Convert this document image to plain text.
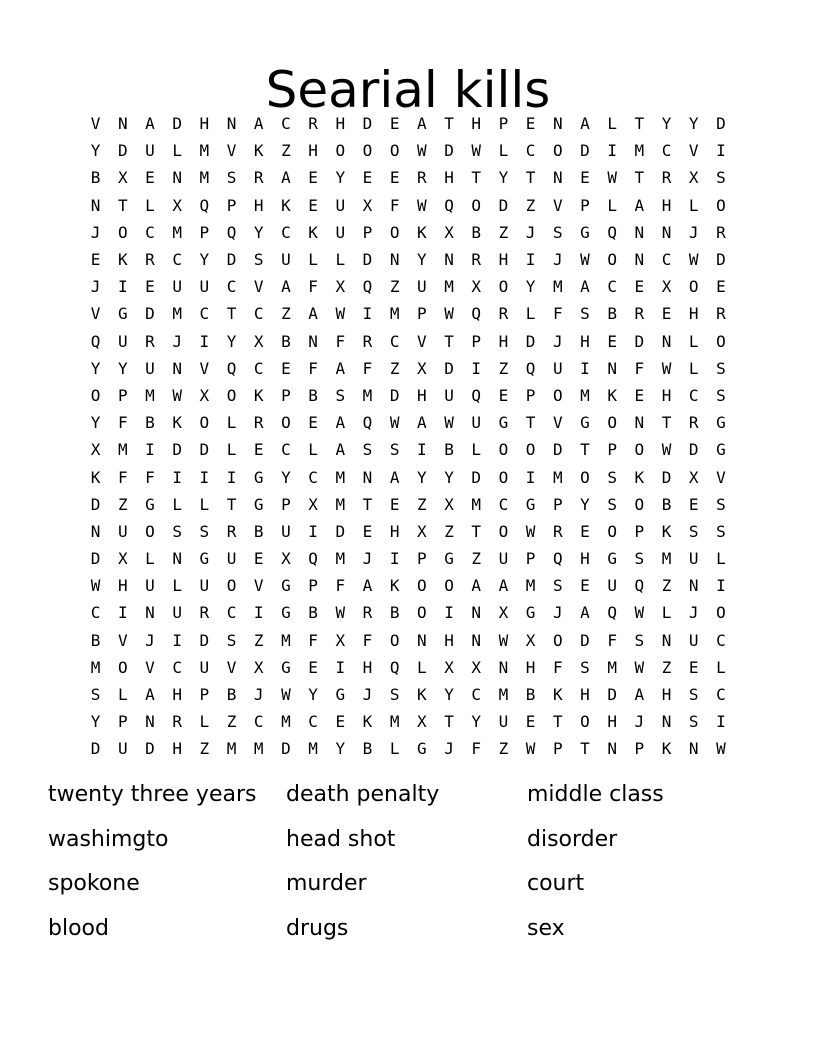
Searial kills
V	N	A	D	H	N	A	C	R	H	D	E	A	T	H	P	E	N	A	L	T	Y	Y	D
Y	D	U	L	M	V	K	Z	H	O	O	O	W	D	W	L	C	O	D	I	M	C	V	I
B	X	E	N	M	S	R	A	E	Y	E	E	R	H	T	Y	T	N	E	W	T	R	X	S
N	T	L	X	Q	P	H	K	E	U	X	F	W	Q	O	D	Z	V	P	L	A	H	L	O
J	O	C	M	P	Q	Y	C	K	U	P	O	K	X	B	Z	J	S	G	Q	N	N	J	R
E	K	R	C	Y	D	S	U	L	L	D	N	Y	N	R	H	I	J	W	O	N	C	W	D
J	I	E	U	U	C	V	A	F	X	Q	Z	U	M	X	O	Y	M	A	C	E	X	O	E
V	G	D	M	C	T	C	Z	A	W	I	M	P	W	Q	R	L	F	S	B	R	E	H	R
Q	U	R	J	I	Y	X	B	N	F	R	C	V	T	P	H	D	J	H	E	D	N	L	O
Y	Y	U	N	V	Q	C	E	F	A	F	Z	X	D	I	Z	Q	U	I	N	F	W	L	S
O	P	M	W	X	O	K	P	B	S	M	D	H	U	Q	E	P	O	M	K	E	H	C	S
Y	F	B	K	O	L	R	O	E	A	Q	W	A	W	U	G	T	V	G	O	N	T	R	G
X	M	I	D	D	L	E	C	L	A	S	S	I	B	L	O	O	D	T	P	O	W	D	G
K	F	F	I	I	I	G	Y	C	M	N	A	Y	Y	D	O	I	M	O	S	K	D	X	V
D	Z	G	L	L	T	G	P	X	M	T	E	Z	X	M	C	G	P	Y	S	O	B	E	S
N	U	O	S	S	R	B	U	I	D	E	H	X	Z	T	O	W	R	E	O	P	K	S	S
D	X	L	N	G	U	E	X	Q	M	J	I	P	G	Z	U	P	Q	H	G	S	M	U	L
W	H	U	L	U	O	V	G	P	F	A	K	O	O	A	A	M	S	E	U	Q	Z	N	I
C	I	N	U	R	C	I	G	B	W	R	B	O	I	N	X	G	J	A	Q	W	L	J	O
B	V	J	I	D	S	Z	M	F	X	F	O	N	H	N	W	X	O	D	F	S	N	U	C
M	O	V	C	U	V	X	G	E	I	H	Q	L	X	X	N	H	F	S	M	W	Z	E	L
S	L	A	H	P	B	J	W	Y	G	J	S	K	Y	C	M	B	K	H	D	A	H	S	C
Y	P	N	R	L	Z	C	M	C	E	K	M	X	T	Y	U	E	T	O	H	J	N	S	I
D	U	D	H	Z	M	M	D	M	Y	B	L	G	J	F	Z	W	P	T	N	P	K	N	W
twenty three years	death penalty	middle class
washimgto	head shot	disorder
spokone	murder	court
blood	drugs	sex
